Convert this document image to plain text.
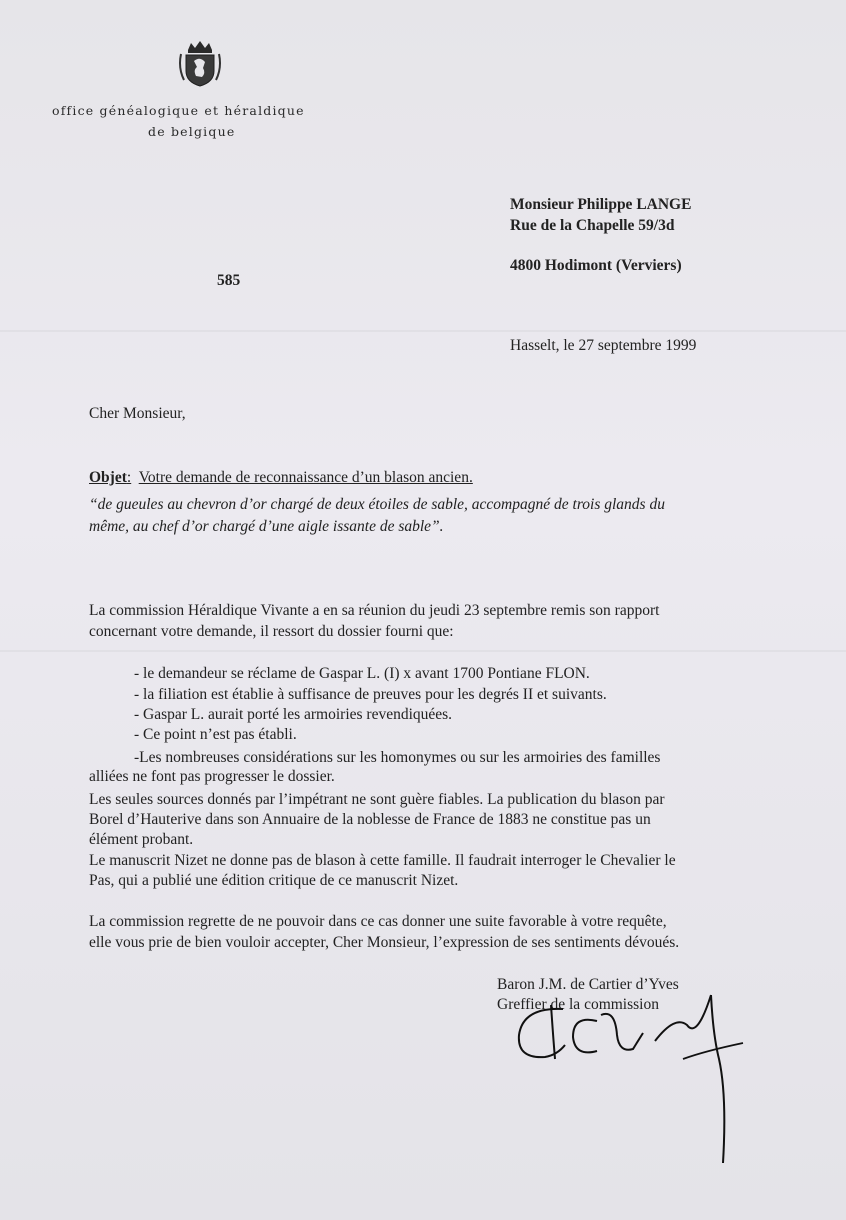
office généalogique et héraldique
de belgique
585
Monsieur Philippe LANGE
Rue de la Chapelle 59/3d
4800 Hodimont (Verviers)
Hasselt, le 27 septembre 1999
Cher Monsieur,
Objet: Votre demande de reconnaissance d’un blason ancien.
“de gueules au chevron d’or chargé de deux étoiles de sable, accompagné de trois glands du
même, au chef d’or chargé d’une aigle issante de sable”.
La commission Héraldique Vivante a en sa réunion du jeudi 23 septembre remis son rapport
concernant votre demande, il ressort du dossier fourni que:
- le demandeur se réclame de Gaspar L. (I) x avant 1700 Pontiane FLON.
- la filiation est établie à suffisance de preuves pour les degrés II et suivants.
- Gaspar L. aurait porté les armoiries revendiquées.
- Ce point n’est pas établi.
-Les nombreuses considérations sur les homonymes ou sur les armoiries des familles
alliées ne font pas progresser le dossier.
Les seules sources donnés par l’impétrant ne sont guère fiables. La publication du blason par
Borel d’Hauterive dans son Annuaire de la noblesse de France de 1883 ne constitue pas un
élément probant.
Le manuscrit Nizet ne donne pas de blason à cette famille. Il faudrait interroger le Chevalier le
Pas, qui a publié une édition critique de ce manuscrit Nizet.
La commission regrette de ne pouvoir dans ce cas donner une suite favorable à votre requête,
elle vous prie de bien vouloir accepter, Cher Monsieur, l’expression de ses sentiments dévoués.
Baron J.M. de Cartier d’Yves
Greffier de la commission
